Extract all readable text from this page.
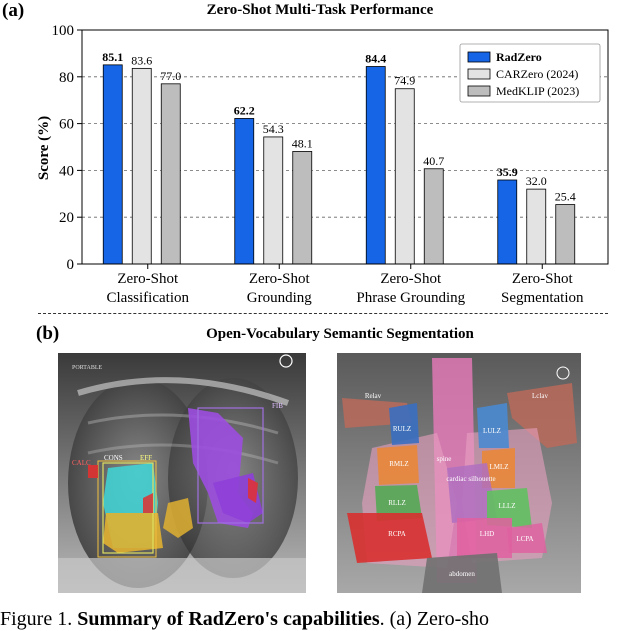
(a)	Zero-Shot Multi-Task Performance
Score (%)
85.1 83.6
77.0
62.2
54.3
48.1
84.4
74.9
40.7
35.9
32.0
25.4
0
20
40
60
80
100
Zero-Shot
Classification
Zero-Shot
Grounding
Zero-Shot
Phrase Grounding
Zero-Shot
Segmentation
RadZero
CARZero (2024)
MedKLIP (2023)
(b)	Open-Vocabulary Semantic Segmentation
FIB
CALC
CONS EFF
PORTABLE
Relav	Lclav
RULZ	LULZ
spine
RMLZ	LMLZ
cardiac silhouette
RLLZ	LLLZ
RCPA	LHD
LCPA
abdomen
Figure 1. Summary of RadZero's capabilities. (a) Zero-sho
